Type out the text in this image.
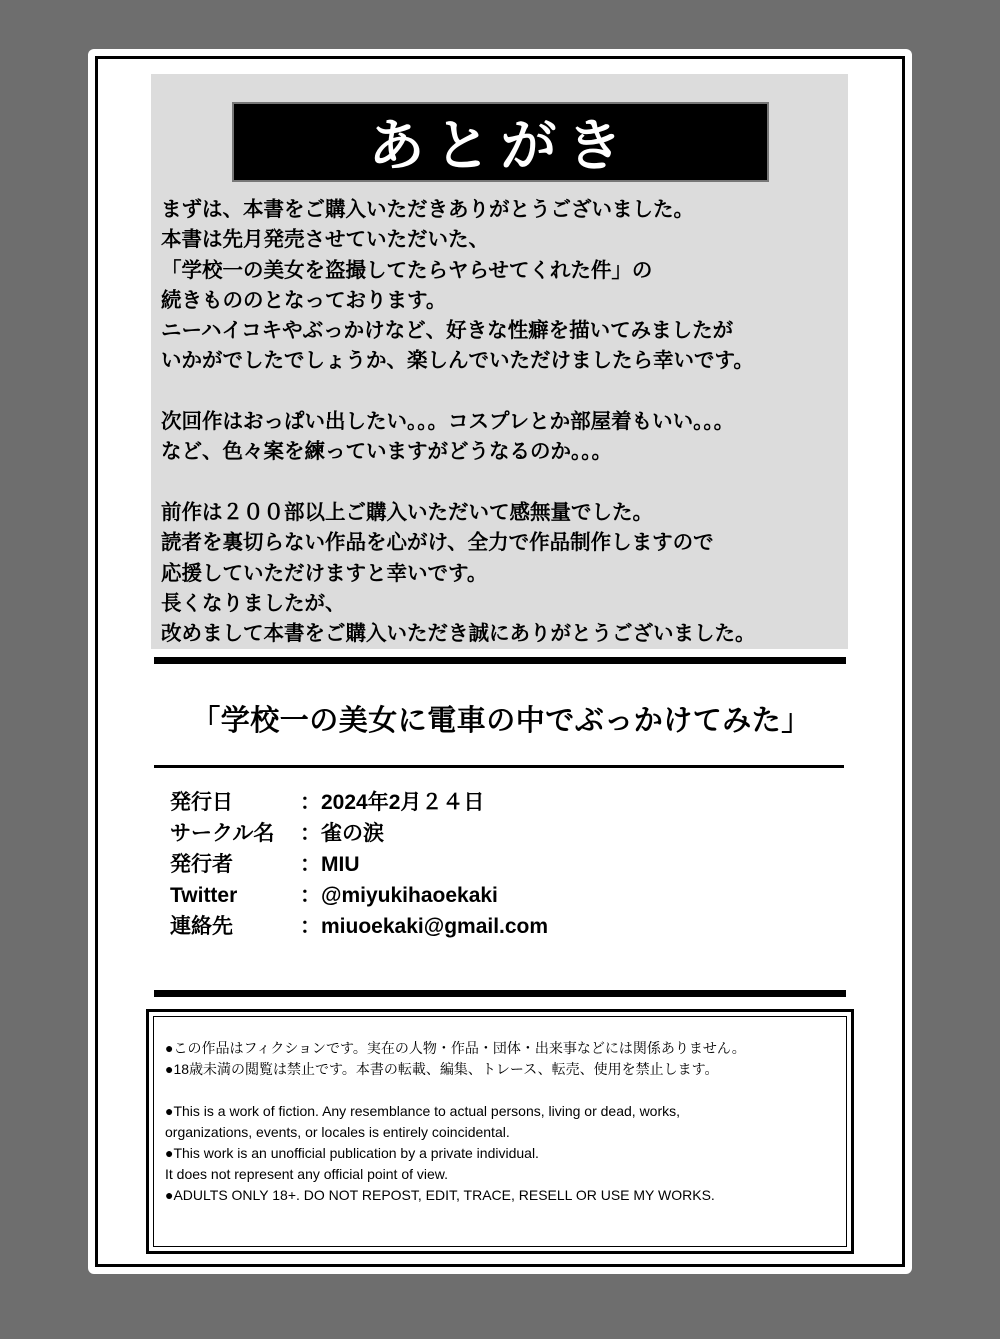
あとがき
まずは、本書をご購入いただきありがとうございました。
本書は先月発売させていただいた、
「学校一の美女を盗撮してたらヤらせてくれた件」の
続きもののとなっております。
ニーハイコキやぶっかけなど、好きな性癖を描いてみましたが
いかがでしたでしょうか、楽しんでいただけましたら幸いです。
次回作はおっぱい出したい。。。コスプレとか部屋着もいい。。。
など、色々案を練っていますがどうなるのか。。。
前作は２００部以上ご購入いただいて感無量でした。
読者を裏切らない作品を心がけ、全力で作品制作しますので
応援していただけますと幸いです。
長くなりましたが、
改めまして本書をご購入いただき誠にありがとうございました。
「学校一の美女に電車の中でぶっかけてみた」
発行日	：2024年2月２４日
サークル名	：雀の涙
発行者	：MIU
Twitter	：@miyukihaoekaki
連絡先	：miuoekaki@gmail.com
●この作品はフィクションです。実在の人物・作品・団体・出来事などには関係ありません。
●18歳未満の閲覧は禁止です。本書の転載、編集、トレース、転売、使用を禁止します。
●This is a work of fiction. Any resemblance to actual persons, living or dead, works,
organizations, events, or locales is entirely coincidental.
●This work is an unofficial publication by a private individual.
It does not represent any official point of view.
●ADULTS ONLY 18+. DO NOT REPOST, EDIT, TRACE, RESELL OR USE MY WORKS.
